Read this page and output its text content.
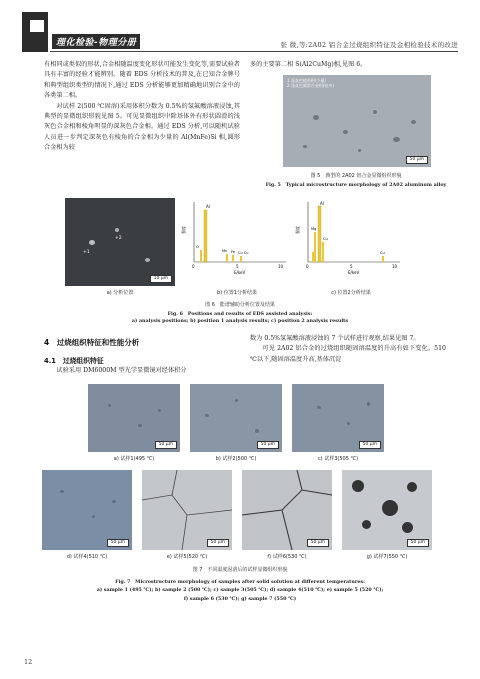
理化检验-物理分册	张 微,等:2A02 铝合金过烧组织特征及金相检验技术的改进

有相同或类似的形状,合金相随温度变化形状可能发生变化等,需要试验者具有丰富的经验才能辨别。随着 EDS 分析技术的普及,在已知合金牌号和典型组织类型的情况下,通过 EDS 分析能够更加精确地识别合金中的各类第二相。

对试样 2(500 ℃固溶)采用体积分数为 0.5%的氢氟酸溶液浸蚀,其典型的显微组织形貌见图 5。可见显微组织中除基体外有形状圆滑的浅灰色合金相和棱角明显的深灰色合金相。通过 EDS 分析,可以随机试验人员进一步判定深灰色有棱角的合金相为少量的 Al(MnFe)Si 相,圆形合金相为较

多的主要第二相 S(Al2CuMg)相,见图 6。

1 深灰色棱角相(少量)
2 浅灰色圆滑合金相(较多)
50 μm
图 5　典型的 2A02 铝合金显微组织形貌
Fig. 5　Typical microstructure morphology of 2A02 aluminum alloy
+1
+2
10 μm
Al
O
Mn Fe Cu Cu
0	5	10
E/keV
强度
Al
Mg
Cu
Cu
0	5	10
E/keV
强度
a) 分析位置	b) 位置1分析结果	c) 位置2分析结果
图 6　能谱辅助分析位置及结果
Fig. 6　Positions and results of EDS assisted analysis:
a) analysis positions; b) position 1 analysis results; c) position 2 analysis results
4　过烧组织特征和性能分析
4.1　过烧组织特征

试验采用 DM6000M 型光学显微镜对经体积分

数为 0.5%氢氟酸溶液浸蚀的 7 个试样进行观察,结果见图 7。

可见 2A02 铝合金的过烧组织随固溶温度的升高有如下变化。510 ℃以下,随固溶温度升高,基体沉淀

50 μm	50 μm	50 μm
a) 试样1(495 ℃)	b) 试样2(500 ℃)	c) 试样3(505 ℃)
50 μm	50 μm	50 μm	50 μm
d) 试样4(510 ℃)	e) 试样5(520 ℃)	f) 试样6(530 ℃)	g) 试样7(550 ℃)
图 7　不同温度固溶后的试样显微组织形貌
Fig. 7　Microstructure morphology of samples after solid solution at different temperatures:
a) sample 1 (495 ℃); b) sample 2 (500 ℃); c) sample 3(505 ℃); d) sample 4(510 ℃); e) sample 5 (520 ℃);
f) sample 6 (530 ℃); g) sample 7 (550 ℃)
12
